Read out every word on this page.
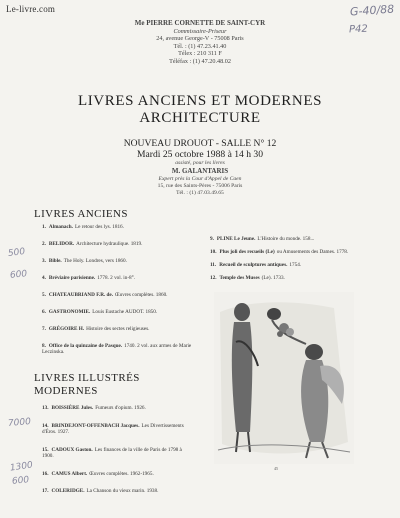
Le-livre.com	G-40/88
P42
Me PIERRE CORNETTE DE SAINT-CYR
Commissaire-Priseur
24, avenue George-V - 75008 Paris
Tél. : (1) 47.23.41.40
Télex : 210 311 F
Téléfax : (1) 47.20.48.02
LIVRES ANCIENS ET MODERNES
ARCHITECTURE
NOUVEAU DROUOT - SALLE N° 12
Mardi 25 octobre 1988 à 14 h 30
assisté, pour les livres
M. GALANTARIS
Expert près la Cour d'Appel de Caen
15, rue des Saints-Pères - 75006 Paris
Tél. : (1) 47.03.49.65
LIVRES ANCIENS
1. Almanach. Le retour des lys. 1816.
2. BELIDOR. Architecture hydraulique. 1819.
3. Bible. The Holy. Londres, vers 1860.
4. Bréviaire parisienne. 1778. 2 vol. in-8°.
5. CHATEAUBRIAND F.R. de. Œuvres complètes. 1860.
6. GASTRONOMIE. Louis Eustache AUDOT. 1850.
7. GRÉGOIRE H. Histoire des sectes religieuses.
8. Office de la quinzaine de Pasque. 1740. 2 vol. aux armes de Marie Leczinska.
LIVRES ILLUSTRÉS
MODERNES
13. BOISSIÈRE Jules. Fumeurs d'opium. 1926.
14. BRINDEJONT-OFFENBACH Jacques. Les Divertissements d'Éros. 1927.
15. CADOUX Gaston. Les finances de la ville de Paris de 1798 à 1900.
16. CAMUS Albert. Œuvres complètes. 1962-1965.
17. COLERIDGE. La Chanson du vieux marin. 1938.
9. PLINE Le Jeune. L'Histoire du monde. 158...
10. Plus joli des recueils (Le) ou Amusements des Dames. 1778.
11. Recueil de sculptures antiques. 1754.
12. Temple des Muses (Le). 1733.
500
600
7000
1300
600
45
